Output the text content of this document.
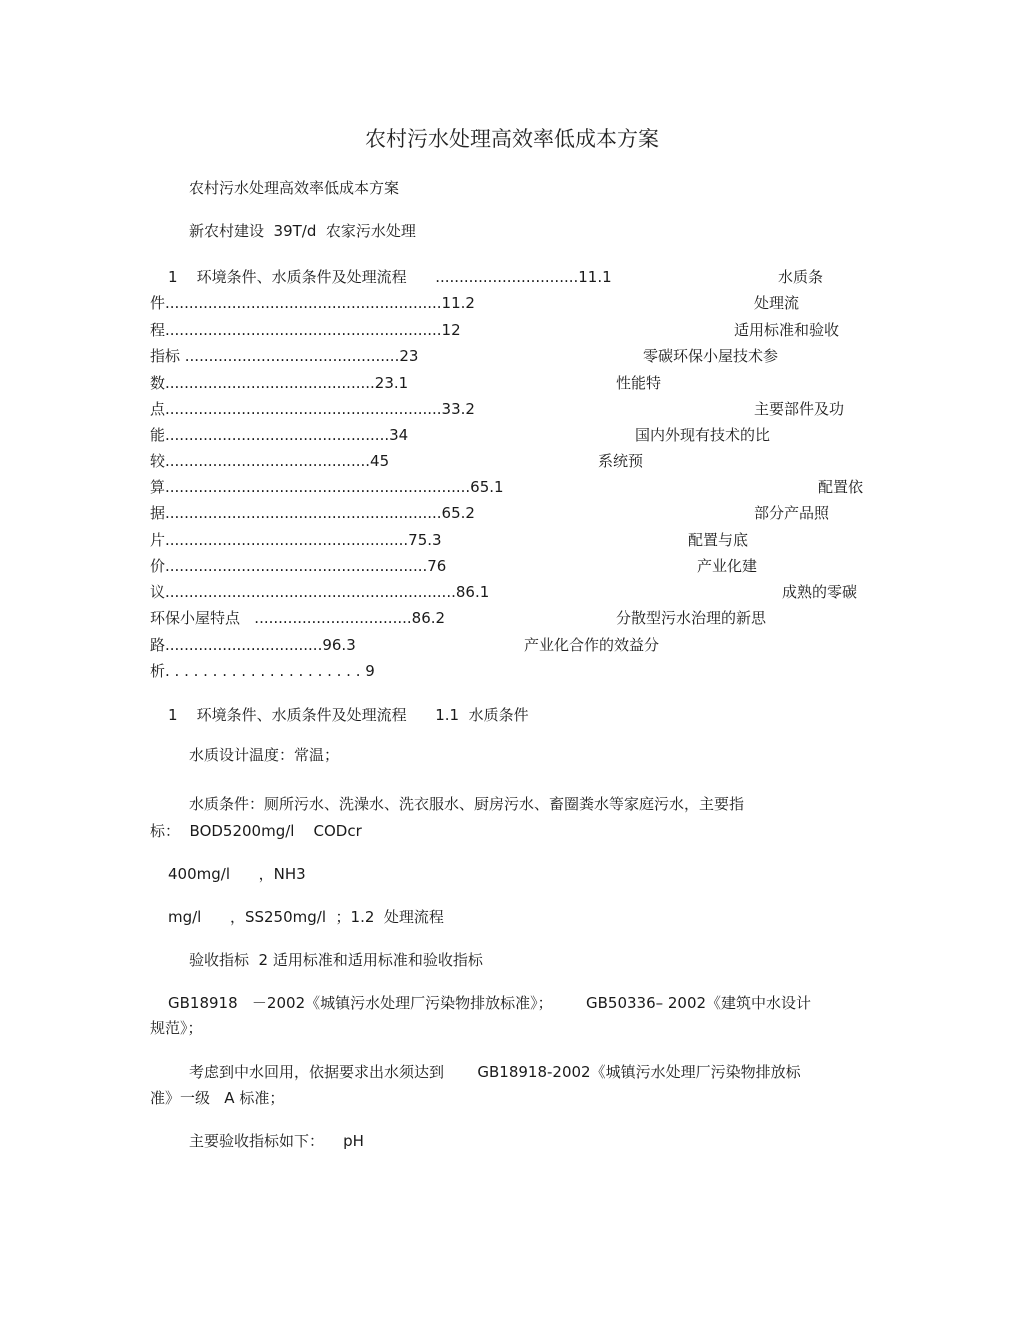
农村污水处理高效率低成本方案
农村污水处理高效率低成本方案
新农村建设  39T/d  农家污水处理
1    环境条件、水质条件及处理流程      ..............................11.1	水质条
件..........................................................11.2	处理流
程..........................................................12	适用标准和验收
指标 .............................................23	零碳环保小屋技术参
数............................................23.1	性能特
点..........................................................33.2	主要部件及功
能...............................................34	国内外现有技术的比
较...........................................45	系统预
算................................................................65.1	配置依
据..........................................................65.2	部分产品照
片...................................................75.3	配置与底
价.......................................................76	产业化建
议.............................................................86.1	成熟的零碳
环保小屋特点   .................................86.2	分散型污水治理的新思
路.................................96.3	产业化合作的效益分
析. . . . . . . . . . . . . . . . . . . . . 9
1    环境条件、水质条件及处理流程      1.1  水质条件
水质设计温度：常温；
水质条件：厕所污水、洗澡水、洗衣服水、厨房污水、畜圈粪水等家庭污水，主要指
标：  BOD5200mg/l    CODcr
400mg/l      ，NH3
mg/l      ，SS250mg/l  ；1.2  处理流程
验收指标  2 适用标准和适用标准和验收指标
GB18918   －2002《城镇污水处理厂污染物排放标准》；       GB50336– 2002《建筑中水设计
规范》；
考虑到中水回用，依据要求出水须达到       GB18918-2002《城镇污水处理厂污染物排放标
准》一级   A 标准；
主要验收指标如下：    pH
